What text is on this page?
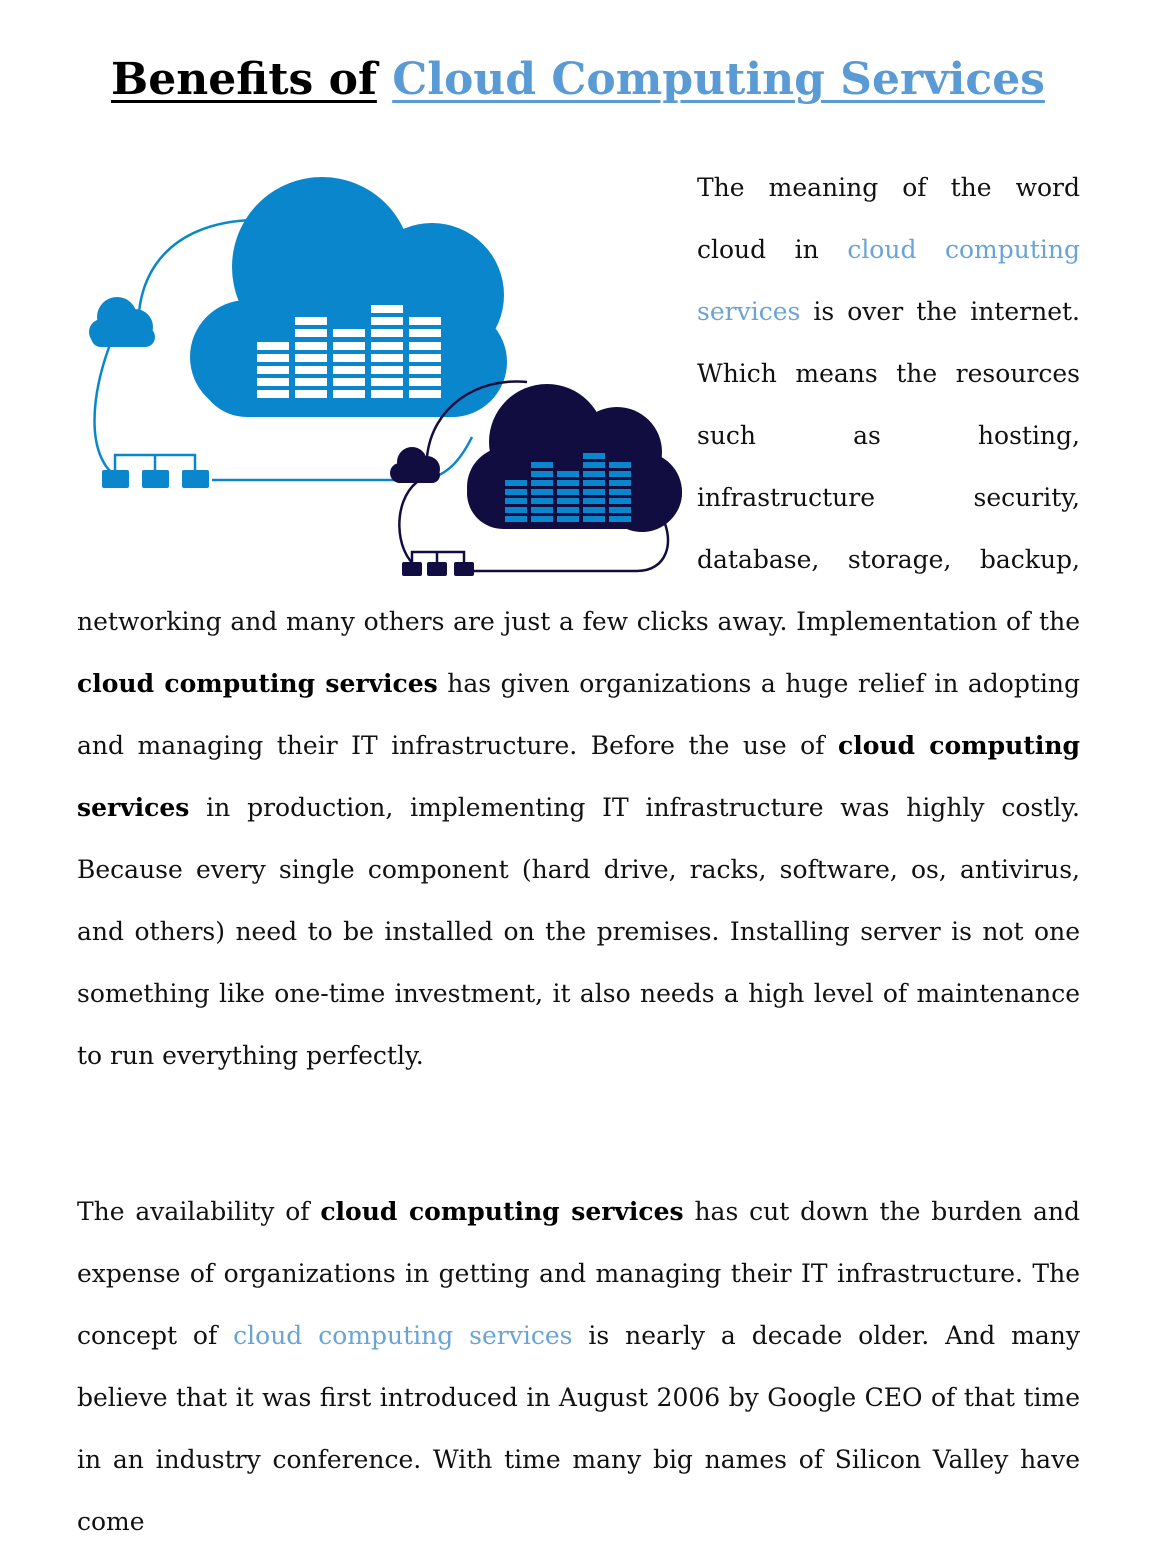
Benefits of Cloud Computing Services

The meaning of the word cloud in cloud computing services is over the internet. Which means the resources such as hosting, infrastructure security, database, storage, backup, networking and many others are just a few clicks away. Implementation of the cloud computing services has given organizations a huge relief in adopting and managing their IT infrastructure. Before the use of cloud computing services in production, implementing IT infrastructure was highly costly. Because every single component (hard drive, racks, software, os, antivirus, and others) need to be installed on the premises. Installing server is not one something like one-time investment, it also needs a high level of maintenance to run everything perfectly.

The availability of cloud computing services has cut down the burden and expense of organizations in getting and managing their IT infrastructure. The concept of cloud computing services is nearly a decade older. And many believe that it was first introduced in August 2006 by Google CEO of that time in an industry conference. With time many big names of Silicon Valley have come
